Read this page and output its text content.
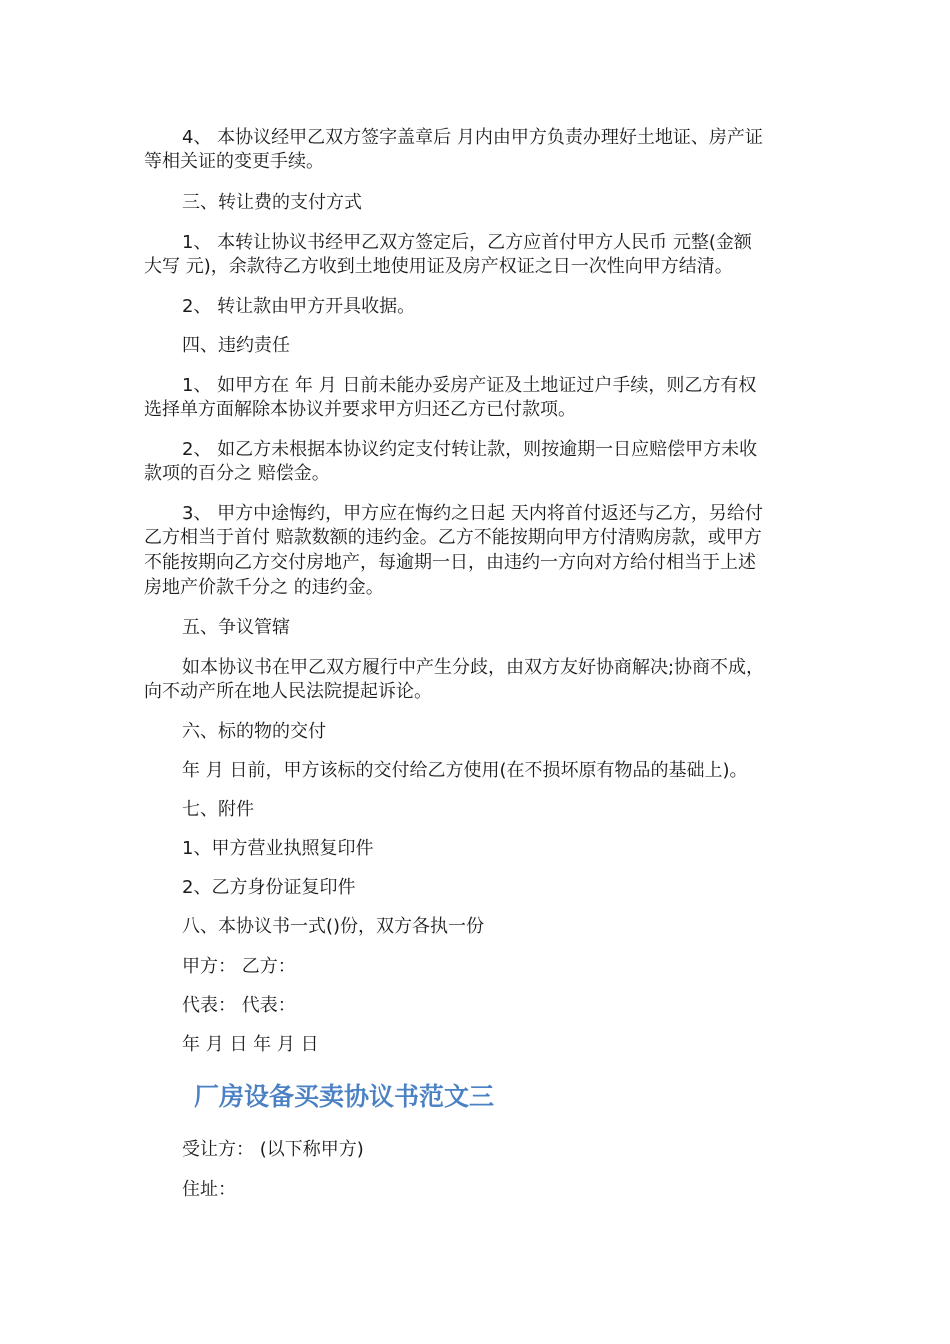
4、 本协议经甲乙双方签字盖章后 月内由甲方负责办理好土地证、房产证
等相关证的变更手续。
三、转让费的支付方式
1、 本转让协议书经甲乙双方签定后，乙方应首付甲方人民币 元整(金额
大写 元)，余款待乙方收到土地使用证及房产权证之日一次性向甲方结清。
2、 转让款由甲方开具收据。
四、违约责任
1、 如甲方在 年 月 日前未能办妥房产证及土地证过户手续，则乙方有权
选择单方面解除本协议并要求甲方归还乙方已付款项。
2、 如乙方未根据本协议约定支付转让款，则按逾期一日应赔偿甲方未收
款项的百分之 赔偿金。
3、 甲方中途悔约，甲方应在悔约之日起 天内将首付返还与乙方，另给付
乙方相当于首付 赔款数额的违约金。乙方不能按期向甲方付清购房款，或甲方
不能按期向乙方交付房地产，每逾期一日，由违约一方向对方给付相当于上述
房地产价款千分之 的违约金。
五、争议管辖
如本协议书在甲乙双方履行中产生分歧，由双方友好协商解决;协商不成，
向不动产所在地人民法院提起诉论。
六、标的物的交付
年 月 日前，甲方该标的交付给乙方使用(在不损坏原有物品的基础上)。
七、附件
1、甲方营业执照复印件
2、乙方身份证复印件
八、本协议书一式()份，双方各执一份
甲方： 乙方：
代表： 代表：
年 月 日 年 月 日
厂房设备买卖协议书范文三
受让方： (以下称甲方)
住址：
